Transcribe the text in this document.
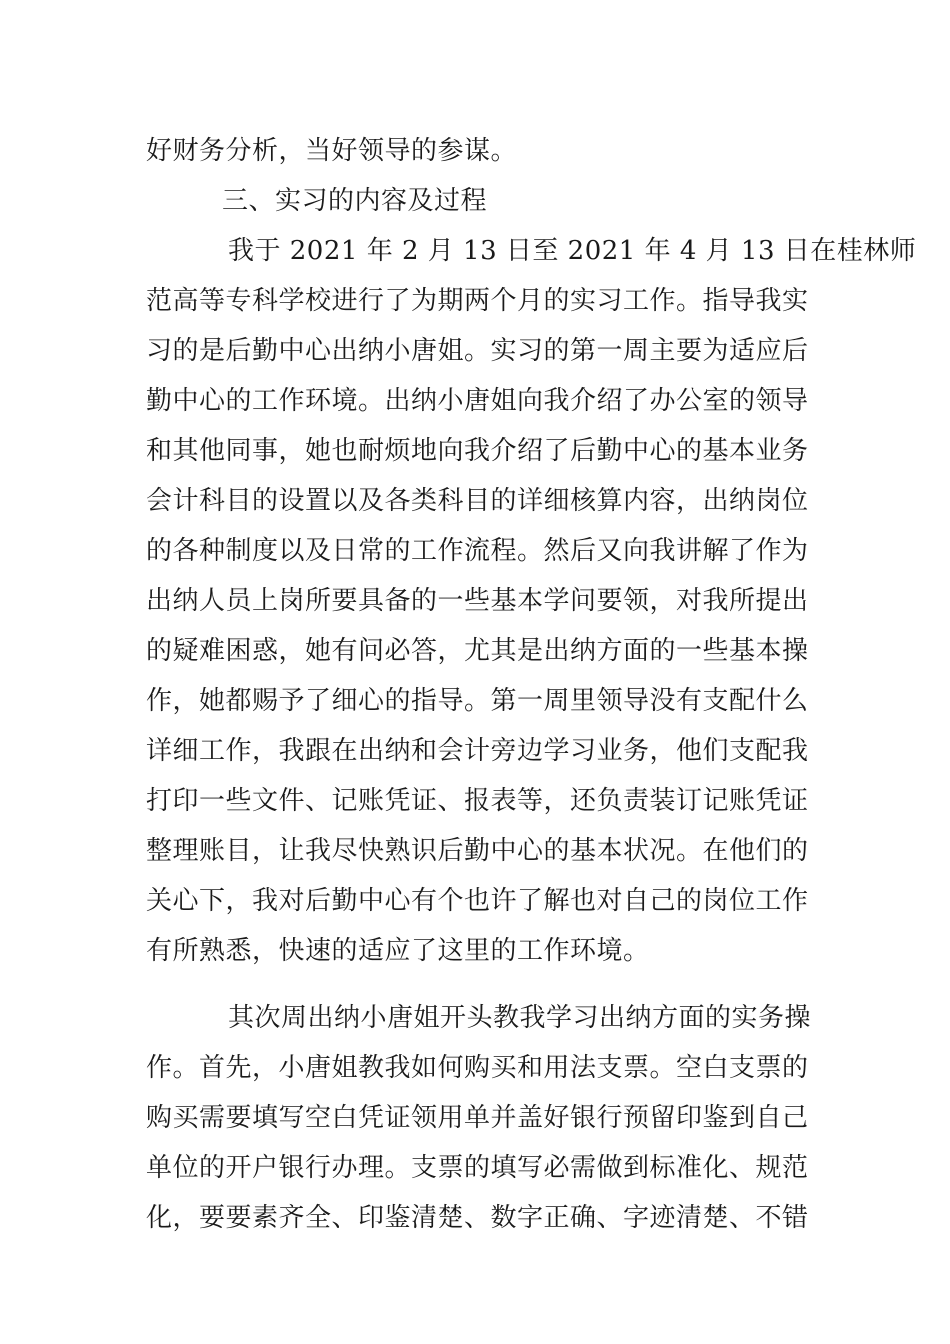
好财务分析，当好领导的参谋。
三、实习的内容及过程
我于 2021 年 2 月 13 日至 2021 年 4 月 13 日在桂林师
范高等专科学校进行了为期两个月的实习工作。指导我实
习的是后勤中心出纳小唐姐。实习的第一周主要为适应后
勤中心的工作环境。出纳小唐姐向我介绍了办公室的领导
和其他同事，她也耐烦地向我介绍了后勤中心的基本业务
会计科目的设置以及各类科目的详细核算内容，出纳岗位
的各种制度以及日常的工作流程。然后又向我讲解了作为
出纳人员上岗所要具备的一些基本学问要领，对我所提出
的疑难困惑，她有问必答，尤其是出纳方面的一些基本操
作，她都赐予了细心的指导。第一周里领导没有支配什么
详细工作，我跟在出纳和会计旁边学习业务，他们支配我
打印一些文件、记账凭证、报表等，还负责装订记账凭证
整理账目，让我尽快熟识后勤中心的基本状况。在他们的
关心下，我对后勤中心有个也许了解也对自己的岗位工作
有所熟悉，快速的适应了这里的工作环境。
其次周出纳小唐姐开头教我学习出纳方面的实务操
作。首先，小唐姐教我如何购买和用法支票。空白支票的
购买需要填写空白凭证领用单并盖好银行预留印鉴到自己
单位的开户银行办理。支票的填写必需做到标准化、规范
化，要要素齐全、印鉴清楚、数字正确、字迹清楚、不错
